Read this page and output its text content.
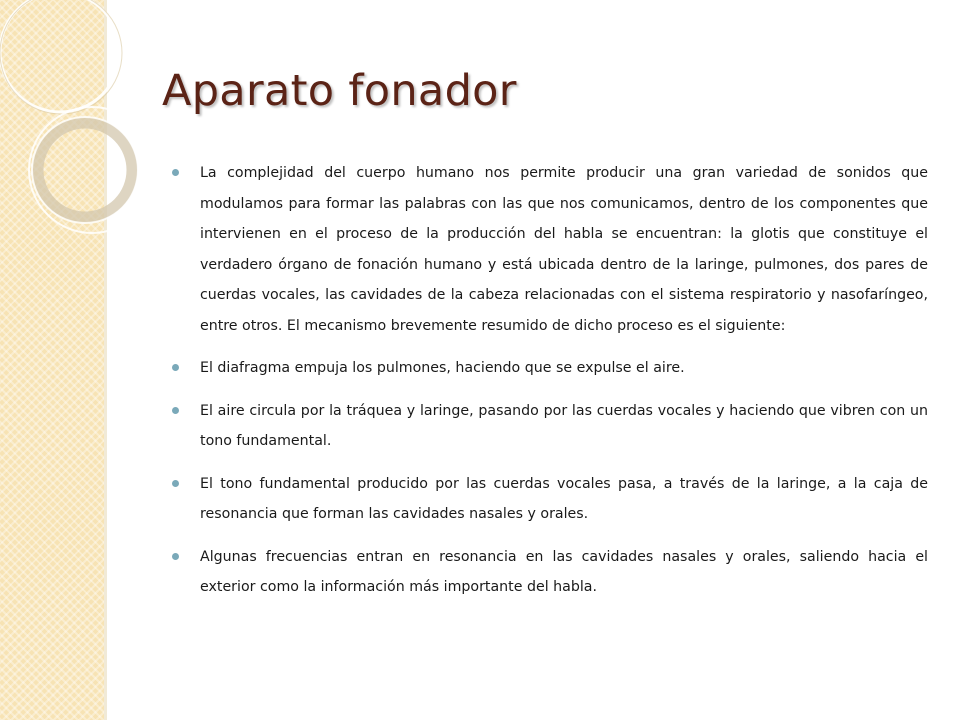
Aparato fonador
La complejidad del cuerpo humano nos permite producir una gran variedad de sonidos que modulamos para formar las palabras con las que nos comunicamos, dentro de los componentes que intervienen en el proceso de la producción del habla se encuentran: la glotis que constituye el verdadero órgano de fonación humano y está ubicada dentro de la laringe, pulmones, dos pares de cuerdas vocales, las cavidades de la cabeza relacionadas con el sistema respiratorio y nasofaríngeo, entre otros. El mecanismo brevemente resumido de dicho proceso es el siguiente:
El diafragma empuja los pulmones, haciendo que se expulse el aire.
El aire circula por la tráquea y laringe, pasando por las cuerdas vocales y haciendo que vibren con un tono fundamental.
El tono fundamental producido por las cuerdas vocales pasa, a través de la laringe, a la caja de resonancia que forman las cavidades nasales y orales.
Algunas frecuencias entran en resonancia en las cavidades nasales y orales, saliendo hacia el exterior como la información más importante del habla.
